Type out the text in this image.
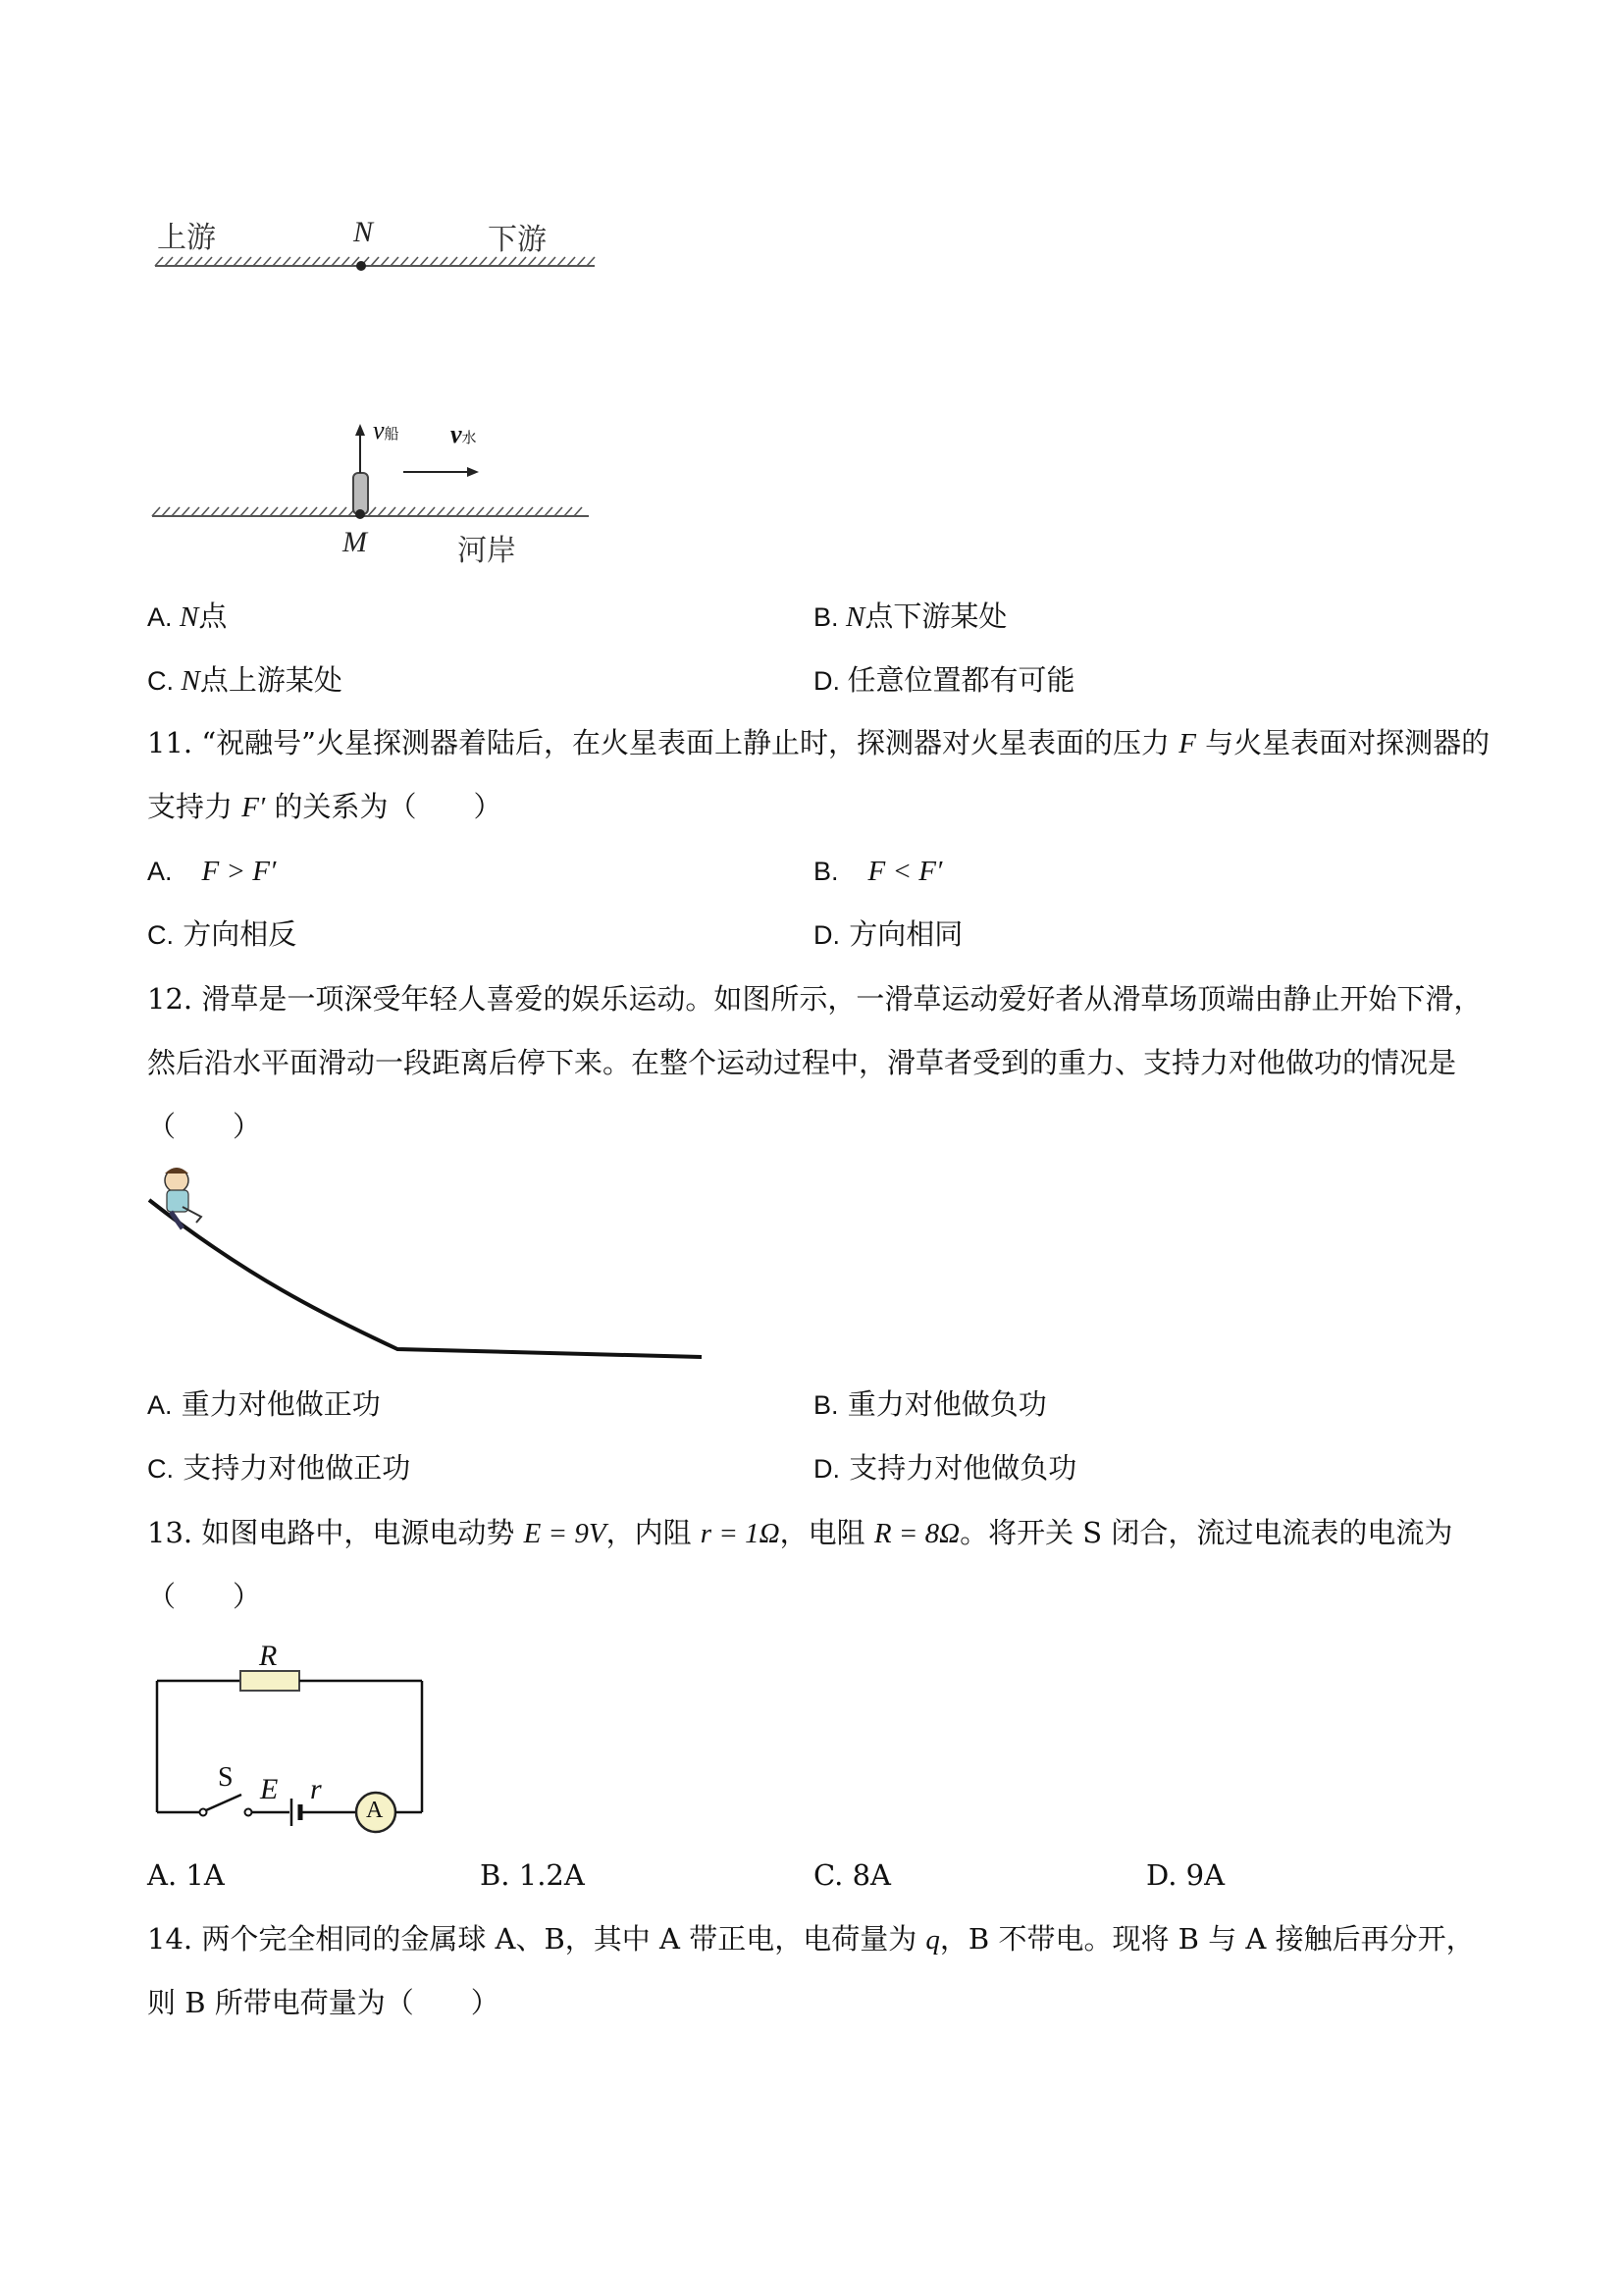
上游	N	下游
v船 v水
M	河岸
A. N点	B. N点下游某处
C. N点上游某处	D. 任意位置都有可能
11. “祝融号”火星探测器着陆后，在火星表面上静止时，探测器对火星表面的压力 F 与火星表面对探测器的
支持力 F′ 的关系为（　　）
A. F > F′	B. F < F′
C. 方向相反	D. 方向相同
12. 滑草是一项深受年轻人喜爱的娱乐运动。如图所示，一滑草运动爱好者从滑草场顶端由静止开始下滑，
然后沿水平面滑动一段距离后停下来。在整个运动过程中，滑草者受到的重力、支持力对他做功的情况是
（　　）
A. 重力对他做正功	B. 重力对他做负功
C. 支持力对他做正功	D. 支持力对他做负功
13. 如图电路中，电源电动势 E = 9V，内阻 r = 1Ω，电阻 R = 8Ω。将开关 S 闭合，流过电流表的电流为
（　　）
R
S E r
A
A. 1A	B. 1.2A	C. 8A	D. 9A
14. 两个完全相同的金属球 A、B，其中 A 带正电，电荷量为 q，B 不带电。现将 B 与 A 接触后再分开，
则 B 所带电荷量为（　　）
